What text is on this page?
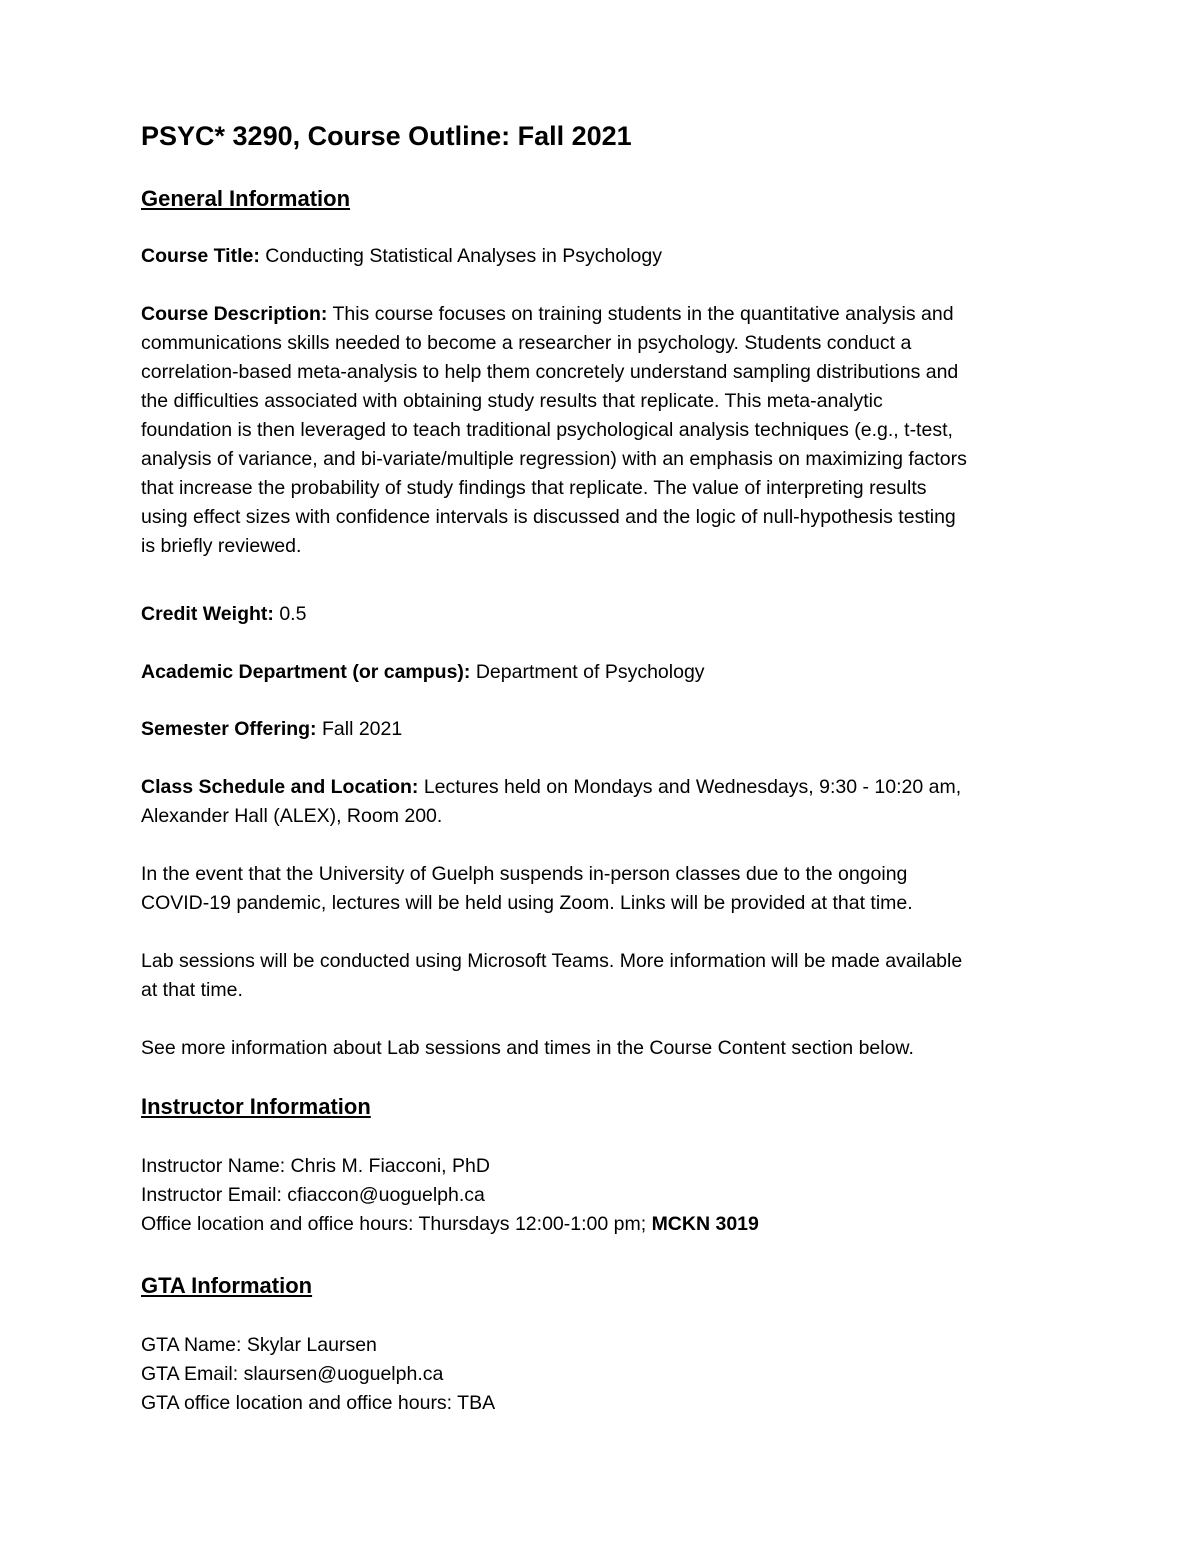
PSYC* 3290, Course Outline: Fall 2021
General Information

Course Title: Conducting Statistical Analyses in Psychology

Course Description: This course focuses on training students in the quantitative analysis and
communications skills needed to become a researcher in psychology. Students conduct a
correlation-based meta-analysis to help them concretely understand sampling distributions and
the difficulties associated with obtaining study results that replicate. This meta-analytic
foundation is then leveraged to teach traditional psychological analysis techniques (e.g., t-test,
analysis of variance, and bi-variate/multiple regression) with an emphasis on maximizing factors
that increase the probability of study findings that replicate. The value of interpreting results
using effect sizes with confidence intervals is discussed and the logic of null-hypothesis testing
is briefly reviewed.

Credit Weight: 0.5

Academic Department (or campus): Department of Psychology

Semester Offering: Fall 2021

Class Schedule and Location: Lectures held on Mondays and Wednesdays, 9:30 - 10:20 am,
Alexander Hall (ALEX), Room 200.
In the event that the University of Guelph suspends in-person classes due to the ongoing
COVID-19 pandemic, lectures will be held using Zoom. Links will be provided at that time.
Lab sessions will be conducted using Microsoft Teams. More information will be made available
at that time.

See more information about Lab sessions and times in the Course Content section below.

Instructor Information
Instructor Name: Chris M. Fiacconi, PhD
Instructor Email: cfiaccon@uoguelph.ca
Office location and office hours: Thursdays 12:00-1:00 pm; MCKN 3019
GTA Information
GTA Name: Skylar Laursen
GTA Email: slaursen@uoguelph.ca
GTA office location and office hours: TBA
